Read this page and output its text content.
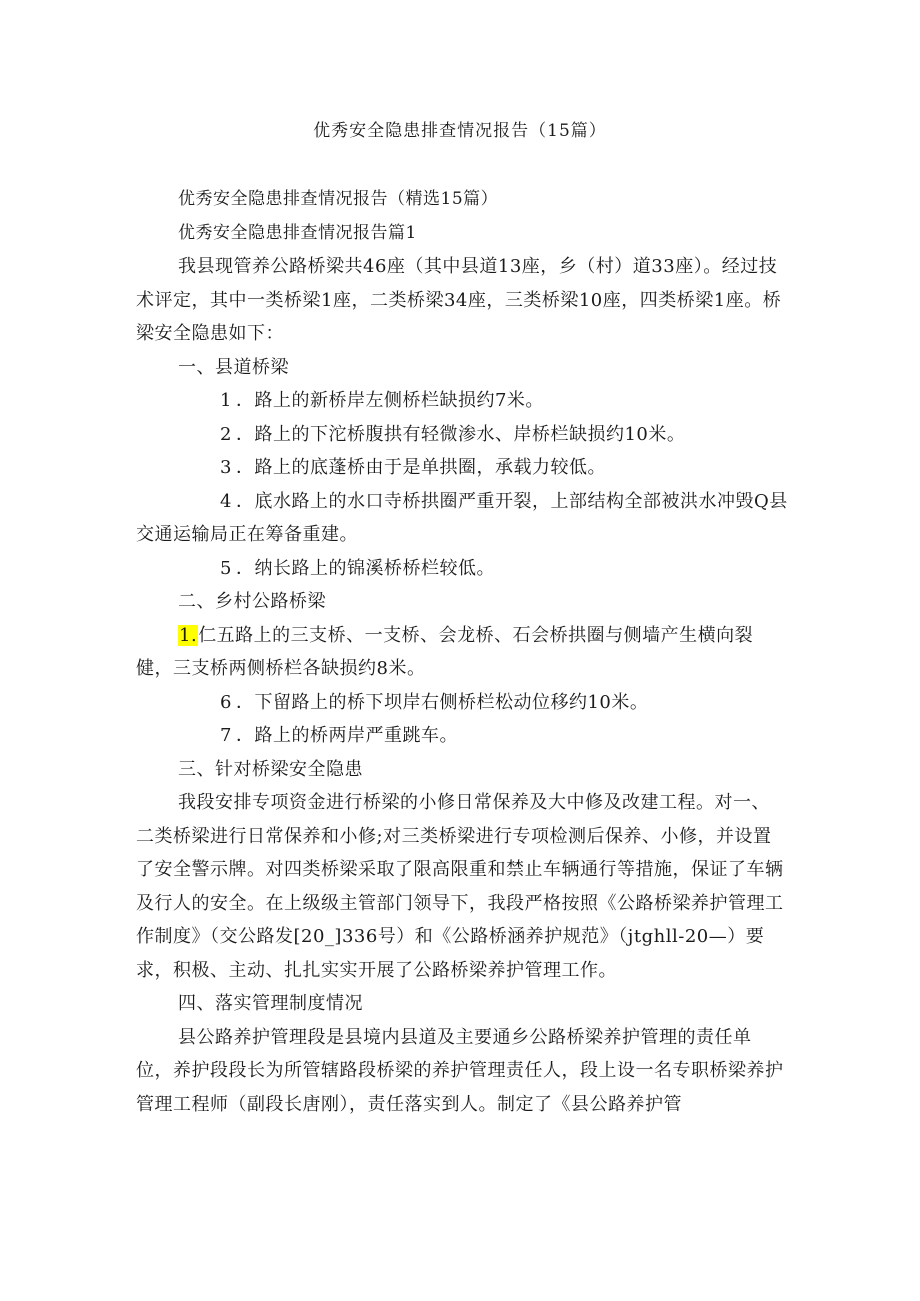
优秀安全隐患排查情况报告（15篇）

优秀安全隐患排查情况报告（精选15篇）

优秀安全隐患排查情况报告篇1

我县现管养公路桥梁共46座（其中县道13座，乡（村）道33座）。经过技术评定，其中一类桥梁1座，二类桥梁34座，三类桥梁10座，四类桥梁1座。桥梁安全隐患如下：

一、县道桥梁

1 ．路上的新桥岸左侧桥栏缺损约7米。

2 ．路上的下沱桥腹拱有轻微渗水、岸桥栏缺损约10米。

3 ．路上的底蓬桥由于是单拱圈，承载力较低。

4 ．底水路上的水口寺桥拱圈严重开裂，上部结构全部被洪水冲毁Q县交通运输局正在筹备重建。

5 ．纳长路上的锦溪桥桥栏较低。

二、乡村公路桥梁

1.仁五路上的三支桥、一支桥、会龙桥、石会桥拱圈与侧墙产生横向裂健，三支桥两侧桥栏各缺损约8米。

6 ．下留路上的桥下坝岸右侧桥栏松动位移约10米。

7 ．路上的桥两岸严重跳车。

三、针对桥梁安全隐患

我段安排专项资金进行桥梁的小修日常保养及大中修及改建工程。对一、二类桥梁进行日常保养和小修;对三类桥梁进行专项检测后保养、小修，并设置了安全警示牌。对四类桥梁采取了限高限重和禁止车辆通行等措施，保证了车辆及行人的安全。在上级级主管部门领导下，我段严格按照《公路桥梁养护管理工作制度》（交公路发[20_]336号）和《公路桥涵养护规范》（jtghll-20—）要求，积极、主动、扎扎实实开展了公路桥梁养护管理工作。

四、落实管理制度情况

县公路养护管理段是县境内县道及主要通乡公路桥梁养护管理的责任单位，养护段段长为所管辖路段桥梁的养护管理责任人，段上设一名专职桥梁养护管理工程师（副段长唐刚），责任落实到人。制定了《县公路养护管
